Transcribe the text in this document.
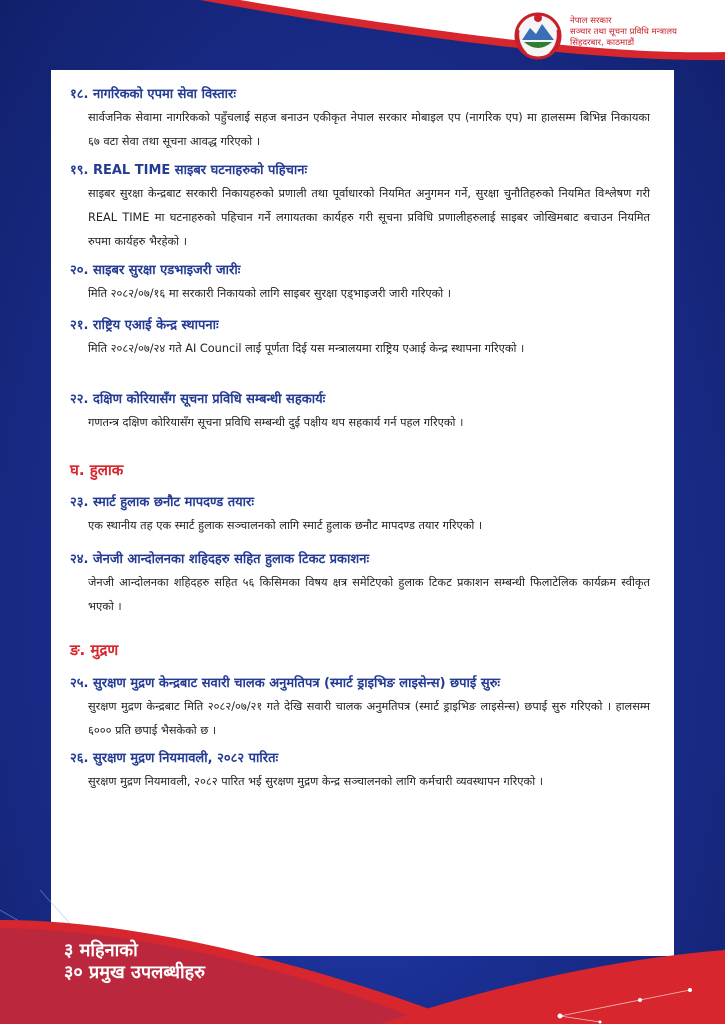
नेपाल सरकार
सञ्चार तथा सूचना प्रविधि मन्त्रालय
सिंहदरबार, काठमाडौं

१८. नागरिकको एपमा सेवा विस्तारः

सार्वजनिक सेवामा नागरिकको पहुँचलाई सहज बनाउन एकीकृत नेपाल सरकार मोबाइल एप (नागरिक एप) मा हालसम्म बिभिन्न निकायका ६७ वटा सेवा तथा सूचना आवद्ध गरिएको ।

१९. REAL TIME साइबर घटनाहरुको पहिचानः

साइबर सुरक्षा केन्द्रबाट सरकारी निकायहरुको प्रणाली तथा पूर्वाधारको नियमित अनुगमन गर्ने, सुरक्षा चुनौतिहरुको नियमित विश्लेषण गरी REAL TIME मा घटनाहरुको पहिचान गर्ने लगायतका कार्यहरु गरी सूचना प्रविधि प्रणालीहरुलाई साइबर जोखिमबाट बचाउन नियमित रुपमा कार्यहरु भैरहेको ।

२०. साइबर सुरक्षा एडभाइजरी जारीः

मिति २०८२/०७/१६ मा सरकारी निकायको लागि साइबर सुरक्षा एड्भाइजरी जारी गरिएको ।

२१. राष्ट्रिय एआई केन्द्र स्थापनाः

मिति २०८२/०७/२४ गते AI Council लाई पूर्णता दिई यस मन्त्रालयमा राष्ट्रिय एआई केन्द्र स्थापना गरिएको ।

२२. दक्षिण कोरियासँग सूचना प्रविधि सम्बन्धी सहकार्यः

गणतन्त्र दक्षिण कोरियासँग सूचना प्रविधि सम्बन्धी दुई पक्षीय थप सहकार्य गर्न पहल गरिएको ।

घ. हुलाक

२३. स्मार्ट हुलाक छनौट मापदण्ड तयारः

एक स्थानीय तह एक स्मार्ट हुलाक सञ्चालनको लागि स्मार्ट हुलाक छनौट मापदण्ड तयार गरिएको ।

२४. जेनजी आन्दोलनका शहिदहरु सहित हुलाक टिकट प्रकाशनः

जेनजी आन्दोलनका शहिदहरु सहित ५६ किसिमका विषय क्षत्र समेटिएको हुलाक टिकट प्रकाशन सम्बन्धी फिलाटेलिक कार्यक्रम स्वीकृत भएको ।

ङ. मुद्रण

२५. सुरक्षण मुद्रण केन्द्रबाट सवारी चालक अनुमतिपत्र (स्मार्ट ड्राइभिङ लाइसेन्स) छपाई सुरुः

सुरक्षण मुद्रण केन्द्रबाट मिति २०८२/०७/२१ गते देखि सवारी चालक अनुमतिपत्र (स्मार्ट ड्राइभिङ लाइसेन्स) छपाई सुरु गरिएको । हालसम्म ६००० प्रति छपाई भैसकेको छ ।

२६. सुरक्षण मुद्रण नियमावली, २०८२ पारितः

सुरक्षण मुद्रण नियमावली, २०८२ पारित भई सुरक्षण मुद्रण केन्द्र सञ्चालनको लागि कर्मचारी व्यवस्थापन गरिएको ।

३ महिनाको
३० प्रमुख उपलब्धीहरु
